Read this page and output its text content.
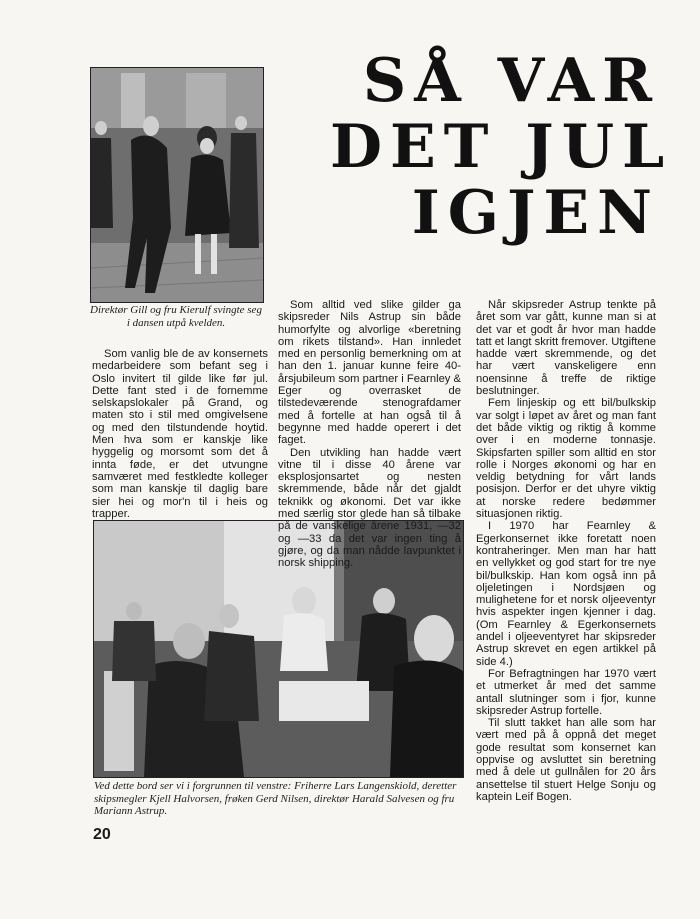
SÅ VAR
DET JUL
IGJEN
Direktør Gill og fru Kierulf svingte seg i dansen utpå kvelden.
Ved dette bord ser vi i forgrunnen til venstre: Friherre Lars Langenskiold, deretter skipsmegler Kjell Halvorsen, frøken Gerd Nilsen, direktør Harald Salvesen og fru Mariann Astrup.

Som vanlig ble de av konsernets medarbeidere som befant seg i Oslo invitert til gilde like før jul. Dette fant sted i de fornemme selskapslokaler på Grand, og maten sto i stil med omgivelsene og med den tilstundende hoytid. Men hva som er kanskje like hyggelig og morsomt som det å innta føde, er det utvungne samværet med festkledte kolleger som man kanskje til daglig bare sier hei og mor'n til i heis og trapper.

Som alltid ved slike gilder ga skipsreder Nils Astrup sin både humorfylte og alvorlige «beretning om rikets tilstand». Han innledet med en personlig bemerkning om at han den 1. januar kunne feire 40-årsjubileum som partner i Fearnley & Eger og overrasket de tilstedeværende stenografdamer med å fortelle at han også til å begynne med hadde operert i det faget.

Den utvikling han hadde vært vitne til i disse 40 årene var eksplosjonsartet og nesten skremmende, både når det gjaldt teknikk og økonomi. Det var ikke med særlig stor glede han så tilbake på de vanskelige årene 1931, —32 og —33 da det var ingen ting å gjøre, og da man nådde lavpunktet i norsk shipping.

Når skipsreder Astrup tenkte på året som var gått, kunne man si at det var et godt år hvor man hadde tatt et langt skritt fremover. Utgiftene hadde vært skremmende, og det har vært vanskeligere enn noensinne å treffe de riktige beslutninger.

Fem linjeskip og ett bil/bulkskip var solgt i løpet av året og man fant det både viktig og riktig å komme over i en moderne tonnasje. Skipsfarten spiller som alltid en stor rolle i Norges økonomi og har en veldig betydning for vårt lands posisjon. Derfor er det uhyre viktig at norske redere bedømmer situasjonen riktig.

I 1970 har Fearnley & Egerkonsernet ikke foretatt noen kontraheringer. Men man har hatt en vellykket og god start for tre nye bil/bulkskip. Han kom også inn på oljeletingen i Nordsjøen og mulighetene for et norsk oljeeventyr hvis aspekter ingen kjenner i dag. (Om Fearnley & Egerkonsernets andel i oljeeventyret har skipsreder Astrup skrevet en egen artikkel på side 4.)

For Befragtningen har 1970 vært et utmerket år med det samme antall slutninger som i fjor, kunne skipsreder Astrup fortelle.

Til slutt takket han alle som har vært med på å oppnå det meget gode resultat som konsernet kan oppvise og avsluttet sin beretning med å dele ut gullnålen for 20 års ansettelse til stuert Helge Sonju og kaptein Leif Bogen.

20
